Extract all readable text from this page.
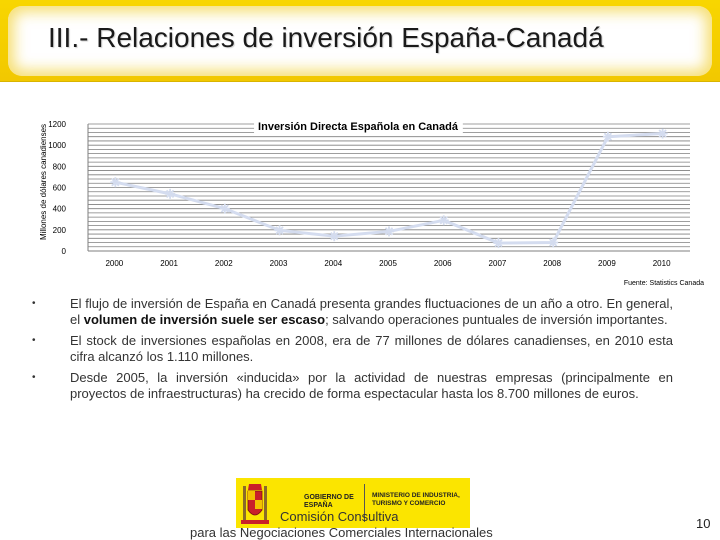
III.- Relaciones de inversión España-Canadá
0
200
400
600
800
1000
1200
2000	2001	2002	2003	2004	2005	2006	2007	2008	2009	2010
Inversión Directa Española en Canadá
Millones de dólares canadienses
Fuente: Statistics Canada
•	El flujo de inversión de España en Canadá presenta grandes fluctuaciones de un año a otro. En general, el volumen de inversión suele ser escaso; salvando operaciones puntuales de inversión importantes.
•	El stock de inversiones españolas en 2008, era de 77 millones de dólares canadienses, en 2010 esta cifra alcanzó los 1.110 millones.
•	Desde 2005, la inversión «inducida» por la actividad de nuestras empresas (principalmente en proyectos de infraestructuras) ha crecido de forma espectacular hasta los 8.700 millones de euros.
GOBIERNO DE ESPAÑA
MINISTERIO DE INDUSTRIA, TURISMO Y COMERCIO
Comisión Consultiva
para las Negociaciones Comerciales Internacionales
10
